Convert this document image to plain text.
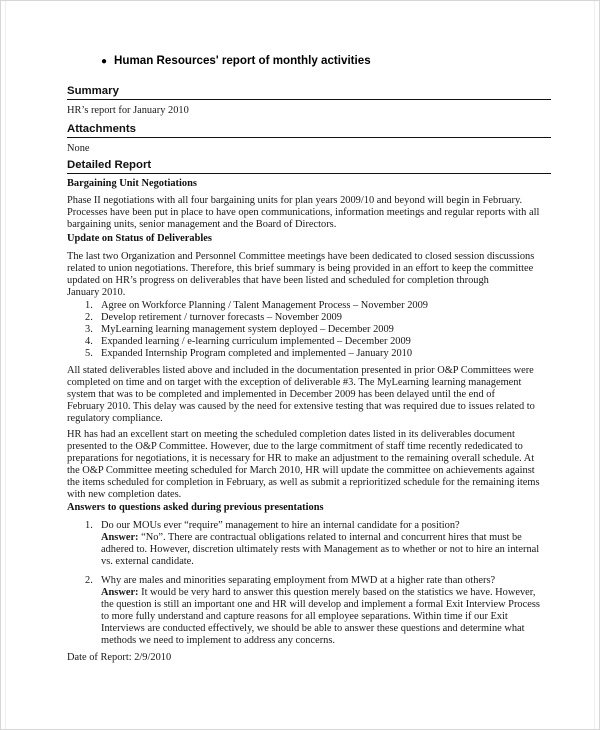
● Human Resources' report of monthly activities
Summary
HR’s report for January 2010
Attachments
None
Detailed Report
Bargaining Unit Negotiations
Phase II negotiations with all four bargaining units for plan years 2009/10 and beyond will begin in February.
Processes have been put in place to have open communications, information meetings and regular reports with all
bargaining units, senior management and the Board of Directors.
Update on Status of Deliverables
The last two Organization and Personnel Committee meetings have been dedicated to closed session discussions
related to union negotiations. Therefore, this brief summary is being provided in an effort to keep the committee
updated on HR’s progress on deliverables that have been listed and scheduled for completion through
January 2010.
1. Agree on Workforce Planning / Talent Management Process – November 2009
2. Develop retirement / turnover forecasts – November 2009
3. MyLearning learning management system deployed – December 2009
4. Expanded learning / e-learning curriculum implemented – December 2009
5. Expanded Internship Program completed and implemented – January 2010
All stated deliverables listed above and included in the documentation presented in prior O&P Committees were
completed on time and on target with the exception of deliverable #3. The MyLearning learning management
system that was to be completed and implemented in December 2009 has been delayed until the end of
February 2010. This delay was caused by the need for extensive testing that was required due to issues related to
regulatory compliance.
HR has had an excellent start on meeting the scheduled completion dates listed in its deliverables document
presented to the O&P Committee. However, due to the large commitment of staff time recently rededicated to
preparations for negotiations, it is necessary for HR to make an adjustment to the remaining overall schedule. At
the O&P Committee meeting scheduled for March 2010, HR will update the committee on achievements against
the items scheduled for completion in February, as well as submit a reprioritized schedule for the remaining items
with new completion dates.
Answers to questions asked during previous presentations
1. Do our MOUs ever “require” management to hire an internal candidate for a position?
Answer: “No”. There are contractual obligations related to internal and concurrent hires that must be
adhered to. However, discretion ultimately rests with Management as to whether or not to hire an internal
vs. external candidate.
2. Why are males and minorities separating employment from MWD at a higher rate than others?
Answer: It would be very hard to answer this question merely based on the statistics we have. However,
the question is still an important one and HR will develop and implement a formal Exit Interview Process
to more fully understand and capture reasons for all employee separations. Within time if our Exit
Interviews are conducted effectively, we should be able to answer these questions and determine what
methods we need to implement to address any concerns.
Date of Report: 2/9/2010
